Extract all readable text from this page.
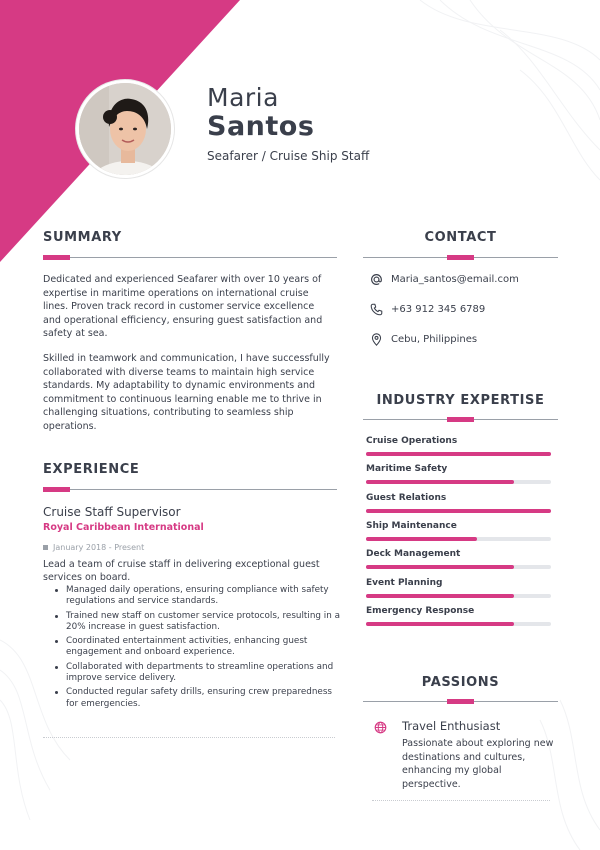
Maria
Santos
Seafarer / Cruise Ship Staff
SUMMARY

Dedicated and experienced Seafarer with over 10 years of expertise in maritime operations on international cruise lines. Proven track record in customer service excellence and operational efficiency, ensuring guest satisfaction and safety at sea.

Skilled in teamwork and communication, I have successfully collaborated with diverse teams to maintain high service standards. My adaptability to dynamic environments and commitment to continuous learning enable me to thrive in challenging situations, contributing to seamless ship operations.

EXPERIENCE
Cruise Staff Supervisor
Royal Caribbean International
January 2018 - Present

Lead a team of cruise staff in delivering exceptional guest services on board.

Managed daily operations, ensuring compliance with safety regulations and service standards.
Trained new staff on customer service protocols, resulting in a 20% increase in guest satisfaction.
Coordinated entertainment activities, enhancing guest engagement and onboard experience.
Collaborated with departments to streamline operations and improve service delivery.
Conducted regular safety drills, ensuring crew preparedness for emergencies.
CONTACT
Maria_santos@email.com
+63 912 345 6789
Cebu, Philippines
INDUSTRY EXPERTISE
Cruise Operations
Maritime Safety
Guest Relations
Ship Maintenance
Deck Management
Event Planning
Emergency Response
PASSIONS
Travel Enthusiast

Passionate about exploring new destinations and cultures, enhancing my global perspective.
